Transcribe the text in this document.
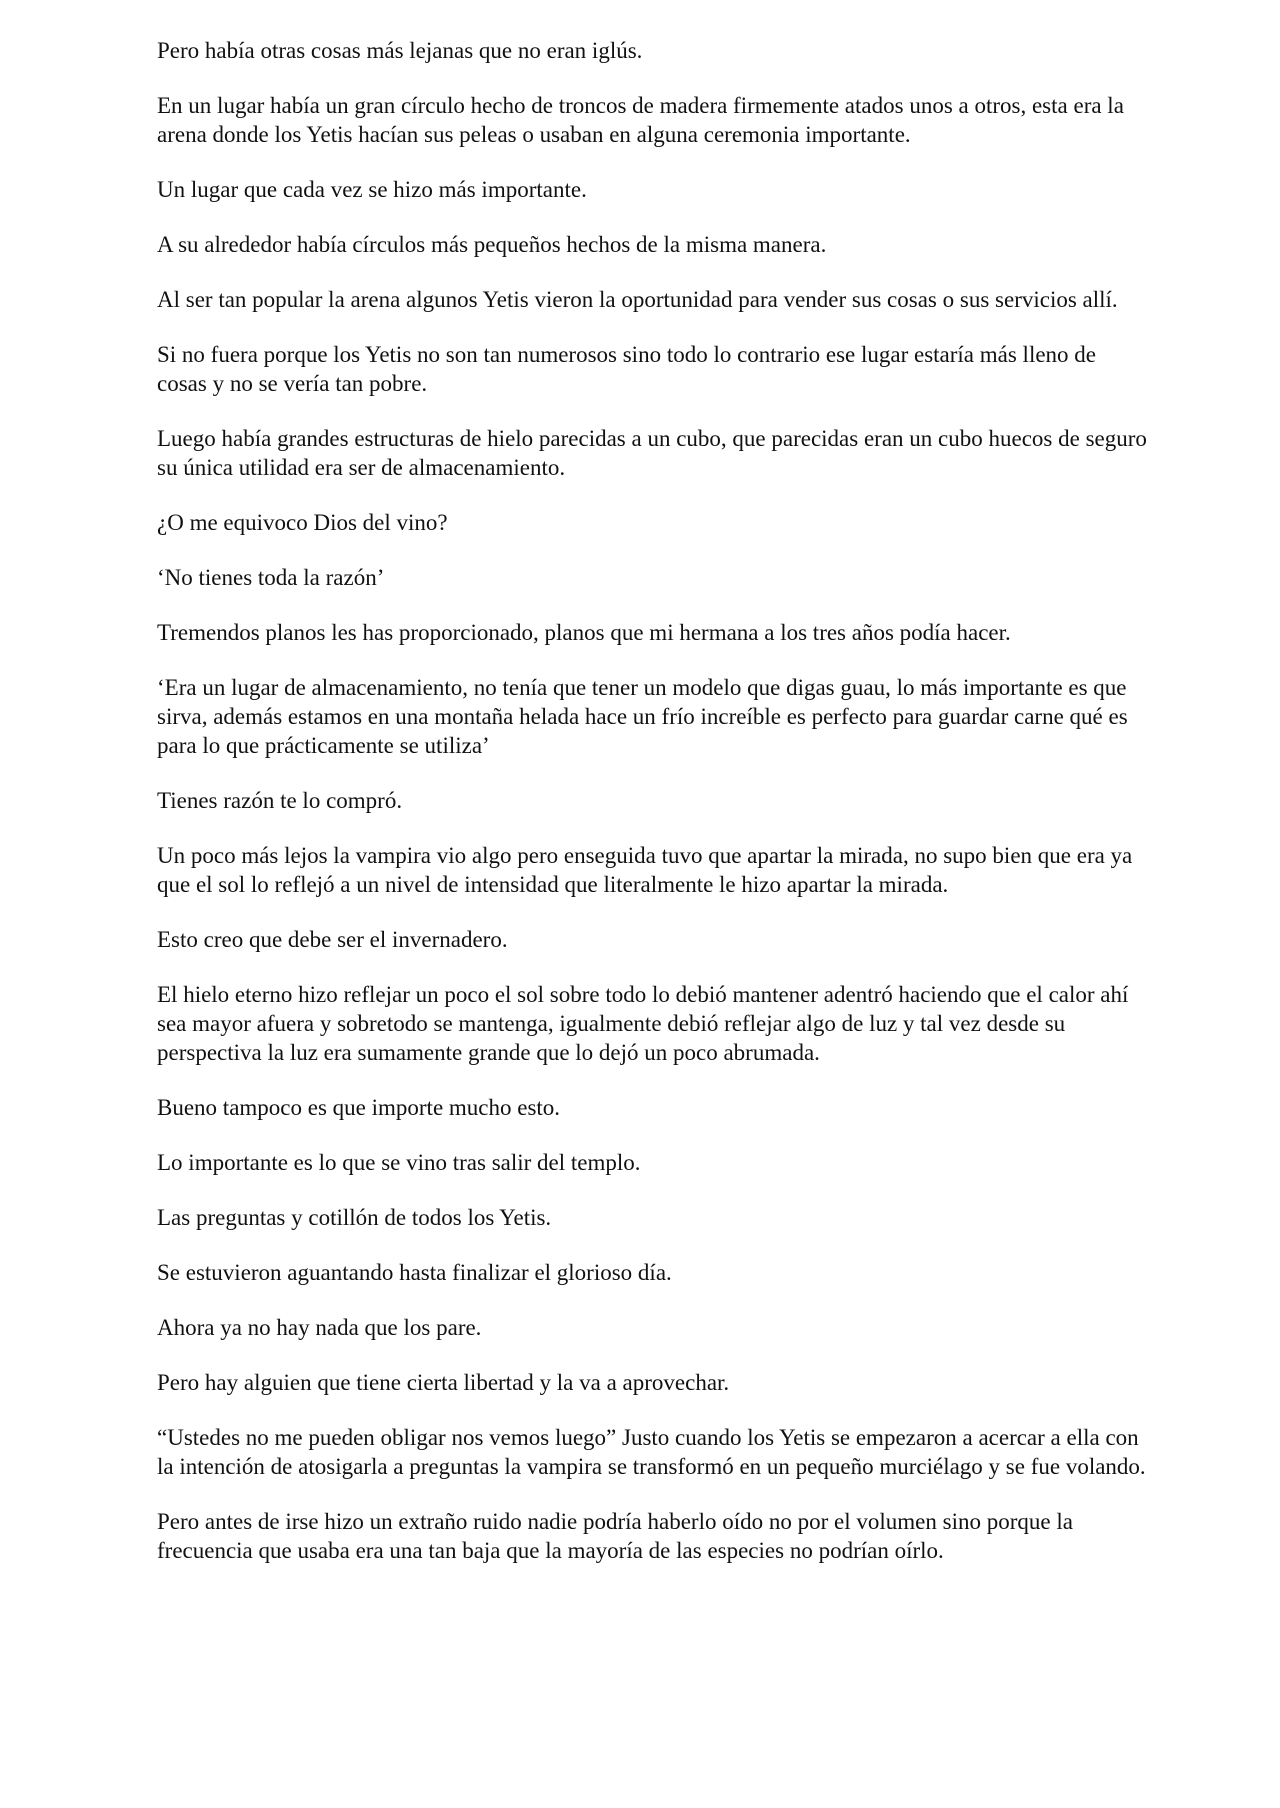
Pero había otras cosas más lejanas que no eran iglús.

En un lugar había un gran círculo hecho de troncos de madera firmemente atados unos a otros, esta era la arena donde los Yetis hacían sus peleas o usaban en alguna ceremonia importante.

Un lugar que cada vez se hizo más importante.

A su alrededor había círculos más pequeños hechos de la misma manera.

Al ser tan popular la arena algunos Yetis vieron la oportunidad para vender sus cosas o sus servicios allí.

Si no fuera porque los Yetis no son tan numerosos sino todo lo contrario ese lugar estaría más lleno de cosas y no se vería tan pobre.

Luego había grandes estructuras de hielo parecidas a un cubo, que parecidas eran un cubo huecos de seguro su única utilidad era ser de almacenamiento.

¿O me equivoco Dios del vino?

‘No tienes toda la razón’

Tremendos planos les has proporcionado, planos que mi hermana a los tres años podía hacer.

‘Era un lugar de almacenamiento, no tenía que tener un modelo que digas guau, lo más importante es que sirva, además estamos en una montaña helada hace un frío increíble es perfecto para guardar carne qué es para lo que prácticamente se utiliza’

Tienes razón te lo compró.

Un poco más lejos la vampira vio algo pero enseguida tuvo que apartar la mirada, no supo bien que era ya que el sol lo reflejó a un nivel de intensidad que literalmente le hizo apartar la mirada.

Esto creo que debe ser el invernadero.

El hielo eterno hizo reflejar un poco el sol sobre todo lo debió mantener adentró haciendo que el calor ahí sea mayor afuera y sobretodo se mantenga, igualmente debió reflejar algo de luz y tal vez desde su perspectiva la luz era sumamente grande que lo dejó un poco abrumada.

Bueno tampoco es que importe mucho esto.

Lo importante es lo que se vino tras salir del templo.

Las preguntas y cotillón de todos los Yetis.

Se estuvieron aguantando hasta finalizar el glorioso día.

Ahora ya no hay nada que los pare.

Pero hay alguien que tiene cierta libertad y la va a aprovechar.

“Ustedes no me pueden obligar nos vemos luego” Justo cuando los Yetis se empezaron a acercar a ella con la intención de atosigarla a preguntas la vampira se transformó en un pequeño murciélago y se fue volando.

Pero antes de irse hizo un extraño ruido nadie podría haberlo oído no por el volumen sino porque la frecuencia que usaba era una tan baja que la mayoría de las especies no podrían oírlo.
